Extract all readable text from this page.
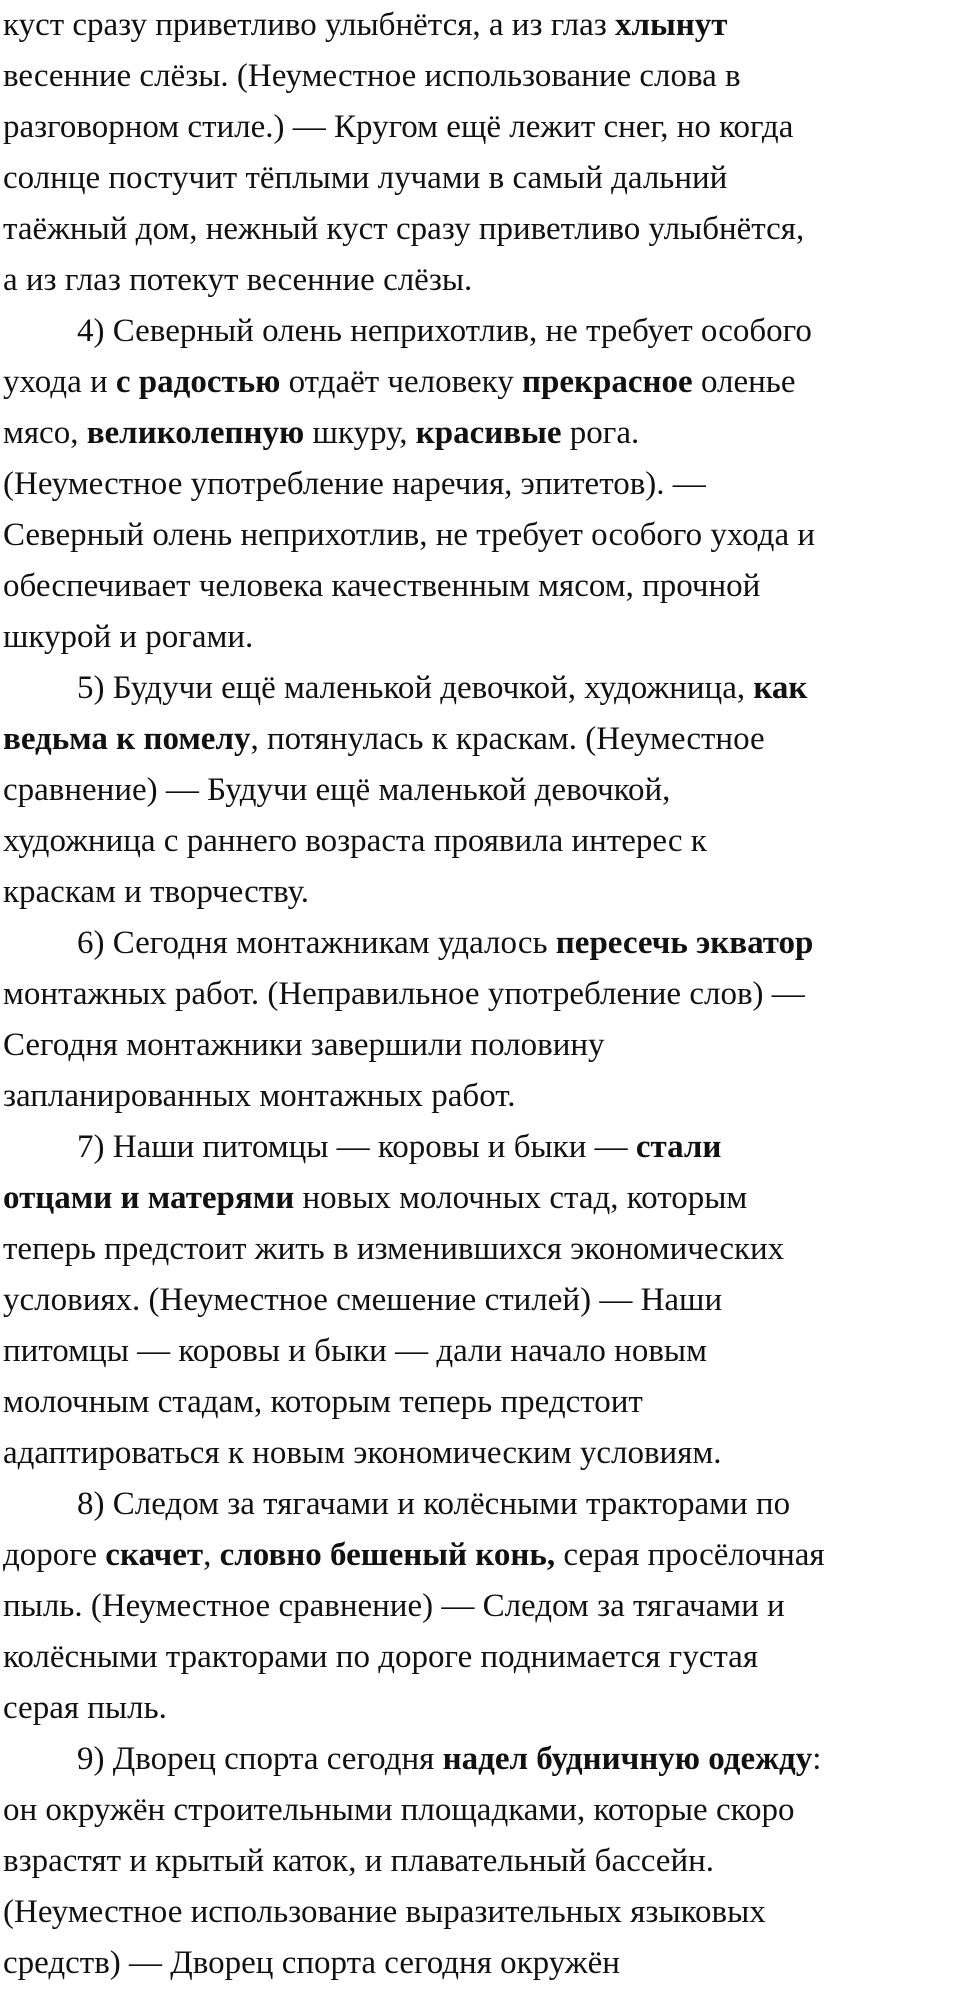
куст сразу приветливо улыбнётся, а из глаз хлынут
весенние слёзы. (Неуместное использование слова в
разговорном стиле.) — Кругом ещё лежит снег, но когда
солнце постучит тёплыми лучами в самый дальний
таёжный дом, нежный куст сразу приветливо улыбнётся,
а из глаз потекут весенние слёзы.
4) Северный олень неприхотлив, не требует особого
ухода и с радостью отдаёт человеку прекрасное оленье
мясо, великолепную шкуру, красивые рога.
(Неуместное употребление наречия, эпитетов). —
Северный олень неприхотлив, не требует особого ухода и
обеспечивает человека качественным мясом, прочной
шкурой и рогами.
5) Будучи ещё маленькой девочкой, художница, как
ведьма к помелу, потянулась к краскам. (Неуместное
сравнение) — Будучи ещё маленькой девочкой,
художница с раннего возраста проявила интерес к
краскам и творчеству.
6) Сегодня монтажникам удалось пересечь экватор
монтажных работ. (Неправильное употребление слов) —
Сегодня монтажники завершили половину
запланированных монтажных работ.
7) Наши питомцы — коровы и быки — стали
отцами и матерями новых молочных стад, которым
теперь предстоит жить в изменившихся экономических
условиях. (Неуместное смешение стилей) — Наши
питомцы — коровы и быки — дали начало новым
молочным стадам, которым теперь предстоит
адаптироваться к новым экономическим условиям.
8) Следом за тягачами и колёсными тракторами по
дороге скачет, словно бешеный конь, серая просёлочная
пыль. (Неуместное сравнение) — Следом за тягачами и
колёсными тракторами по дороге поднимается густая
серая пыль.
9) Дворец спорта сегодня надел будничную одежду:
он окружён строительными площадками, которые скоро
взрастят и крытый каток, и плавательный бассейн.
(Неуместное использование выразительных языковых
средств) — Дворец спорта сегодня окружён
